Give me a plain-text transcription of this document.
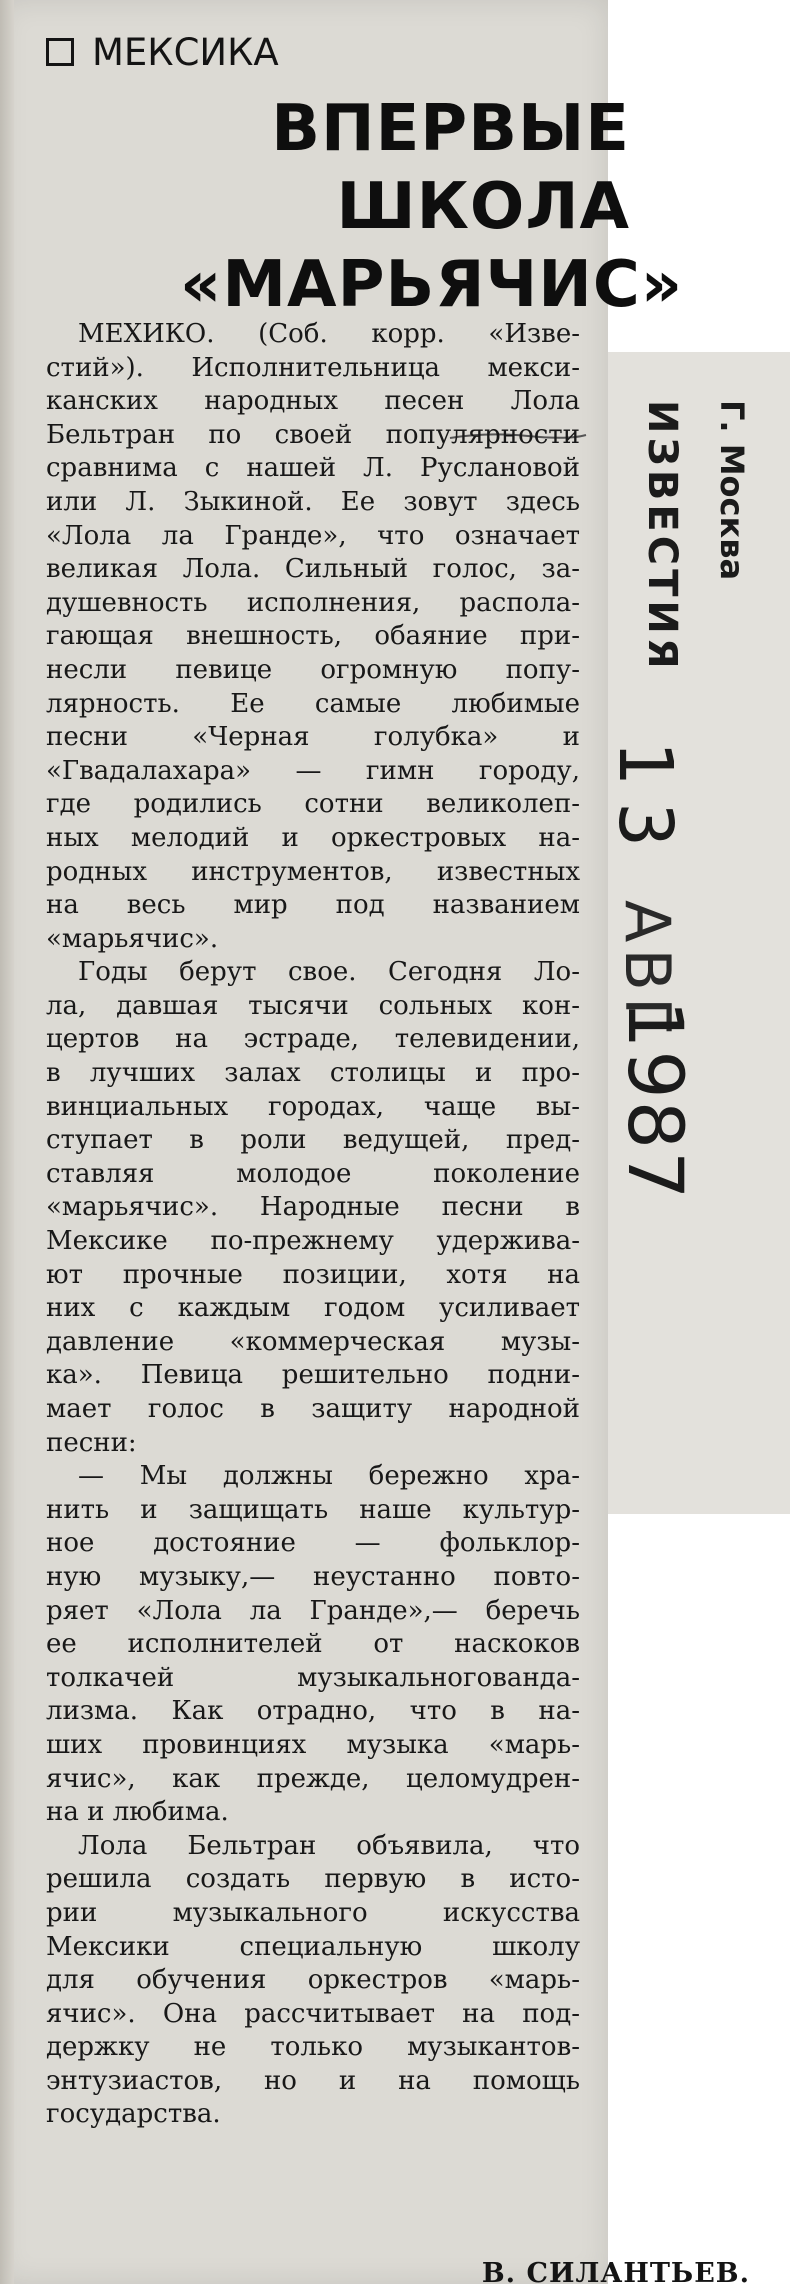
ИЗВЕСТИЯ Г. Москва
13
АВГ
1987
МЕКСИКА
ВПЕРВЫЕ
ШКОЛА
«МАРЬЯЧИС»
МЕХИКО. (Соб. корр. «Изве-
стий»). Исполнительница мекси-
канских народных песен Лола
Бельтран по своей популярности
сравнима с нашей Л. Руслановой
или Л. Зыкиной. Ее зовут здесь
«Лола ла Гранде», что означает
великая Лола. Сильный голос, за-
душевность исполнения, распола-
гающая внешность, обаяние при-
несли певице огромную попу-
лярность. Ее самые любимые
песни «Черная голубка» и
«Гвадалахара» — гимн городу,
где родились сотни великолеп-
ных мелодий и оркестровых на-
родных инструментов, известных
на весь мир под названием
«марьячис».
Годы берут свое. Сегодня Ло-
ла, давшая тысячи сольных кон-
цертов на эстраде, телевидении,
в лучших залах столицы и про-
винциальных городах, чаще вы-
ступает в роли ведущей, пред-
ставляя молодое поколение
«марьячис». Народные песни в
Мексике по-прежнему удерживa-
ют прочные позиции, хотя на
них с каждым годом усиливает
давление «коммерческая музы-
ка». Певица решительно подни-
мает голос в защиту народной
песни:
— Мы должны бережно хра-
нить и защищать наше культур-
ное достояние — фольклор-
ную музыку,— неустанно повто-
ряет «Лола ла Гранде»,— беречь
ее исполнителей от наскоков
толкачей музыкальногованда-
лизма. Как отрадно, что в на-
ших провинциях музыка «марь-
ячис», как прежде, целомудрен-
на и любима.
Лола Бельтран объявила, что
решила создать первую в исто-
рии музыкального искусства
Мексики специальную школу
для обучения оркестров «марь-
ячис». Она рассчитывает на под-
держку не только музыкантов-
энтузиастов, но и на помощь
государства.
В. СИЛАНТЬЕВ.
